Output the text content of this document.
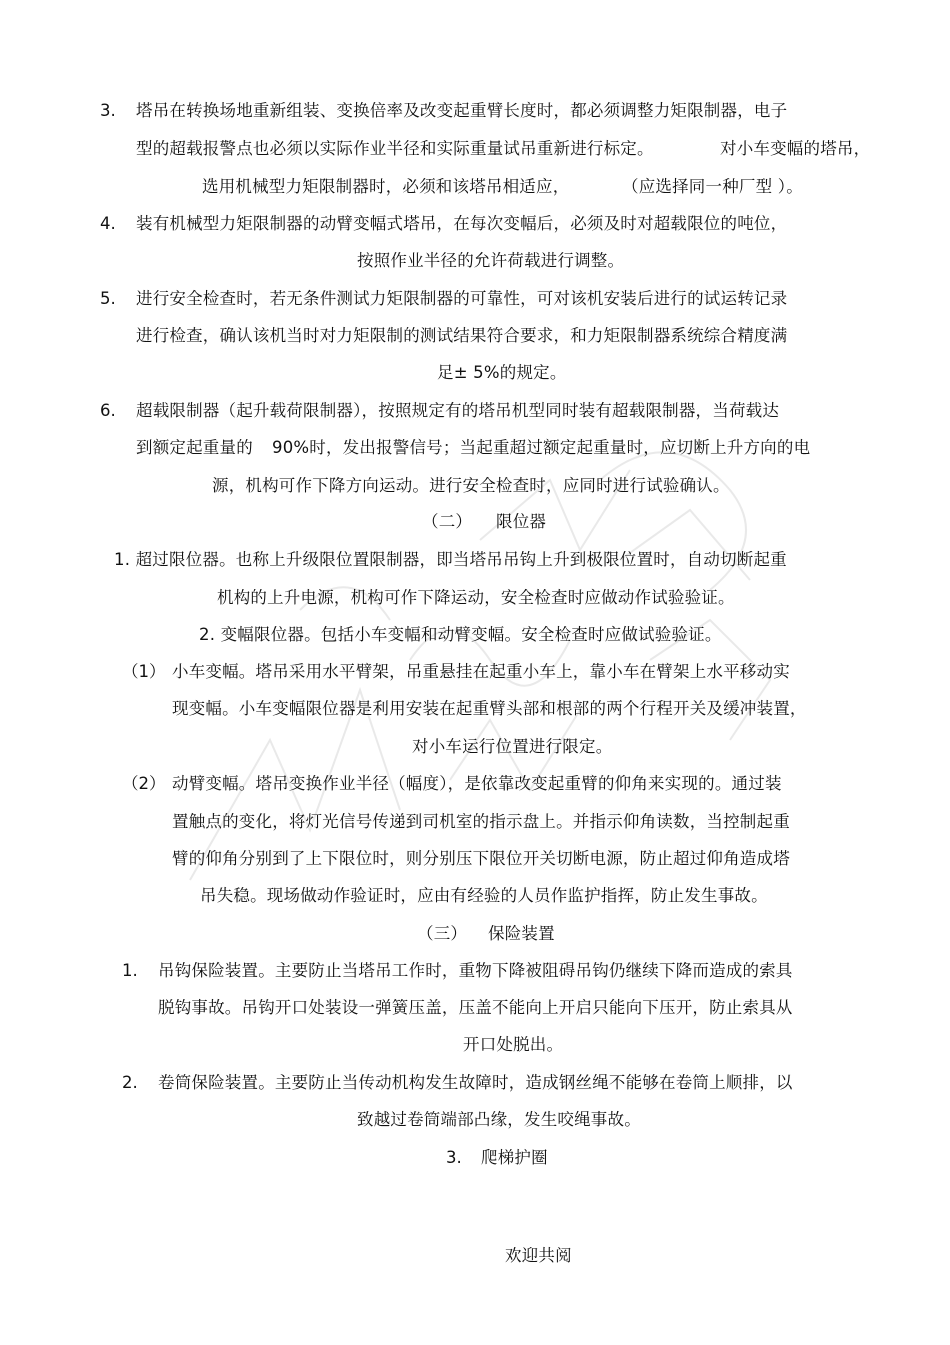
3. 塔吊在转换场地重新组装、变换倍率及改变起重臂长度时，都必须调整力矩限制器，电子
型的超载报警点也必须以实际作业半径和实际重量试吊重新进行标定。	对小车变幅的塔吊，
选用机械型力矩限制器时，必须和该塔吊相适应，	（应选择同一种厂型 ）。
4. 装有机械型力矩限制器的动臂变幅式塔吊，在每次变幅后，必须及时对超载限位的吨位，
按照作业半径的允许荷载进行调整。
5. 进行安全检查时，若无条件测试力矩限制器的可靠性，可对该机安装后进行的试运转记录
进行检查，确认该机当时对力矩限制的测试结果符合要求，和力矩限制器系统综合精度满
足± 5%的规定。
6. 超载限制器（起升载荷限制器），按照规定有的塔吊机型同时装有超载限制器，当荷载达
到额定起重量的 90%时，发出报警信号；当起重超过额定起重量时，应切断上升方向的电
源，机构可作下降方向运动。进行安全检查时，应同时进行试验确认。
（二） 限位器
1. 超过限位器。也称上升级限位置限制器，即当塔吊吊钩上升到极限位置时，自动切断起重
机构的上升电源，机构可作下降运动，安全检查时应做动作试验验证。
2. 变幅限位器。包括小车变幅和动臂变幅。安全检查时应做试验验证。
（1） 小车变幅。塔吊采用水平臂架，吊重悬挂在起重小车上，靠小车在臂架上水平移动实
现变幅。小车变幅限位器是利用安装在起重臂头部和根部的两个行程开关及缓冲装置，
对小车运行位置进行限定。
（2） 动臂变幅。塔吊变换作业半径（幅度），是依靠改变起重臂的仰角来实现的。通过装
置触点的变化，将灯光信号传递到司机室的指示盘上。并指示仰角读数，当控制起重
臂的仰角分别到了上下限位时，则分别压下限位开关切断电源，防止超过仰角造成塔
吊失稳。现场做动作验证时，应由有经验的人员作监护指挥，防止发生事故。
（三） 保险装置
1. 吊钩保险装置。主要防止当塔吊工作时，重物下降被阻碍吊钩仍继续下降而造成的索具
脱钩事故。吊钩开口处装设一弹簧压盖，压盖不能向上开启只能向下压开，防止索具从
开口处脱出。
2. 卷筒保险装置。主要防止当传动机构发生故障时，造成钢丝绳不能够在卷筒上顺排，以
致越过卷筒端部凸缘，发生咬绳事故。
3. 爬梯护圈
欢迎共阅
